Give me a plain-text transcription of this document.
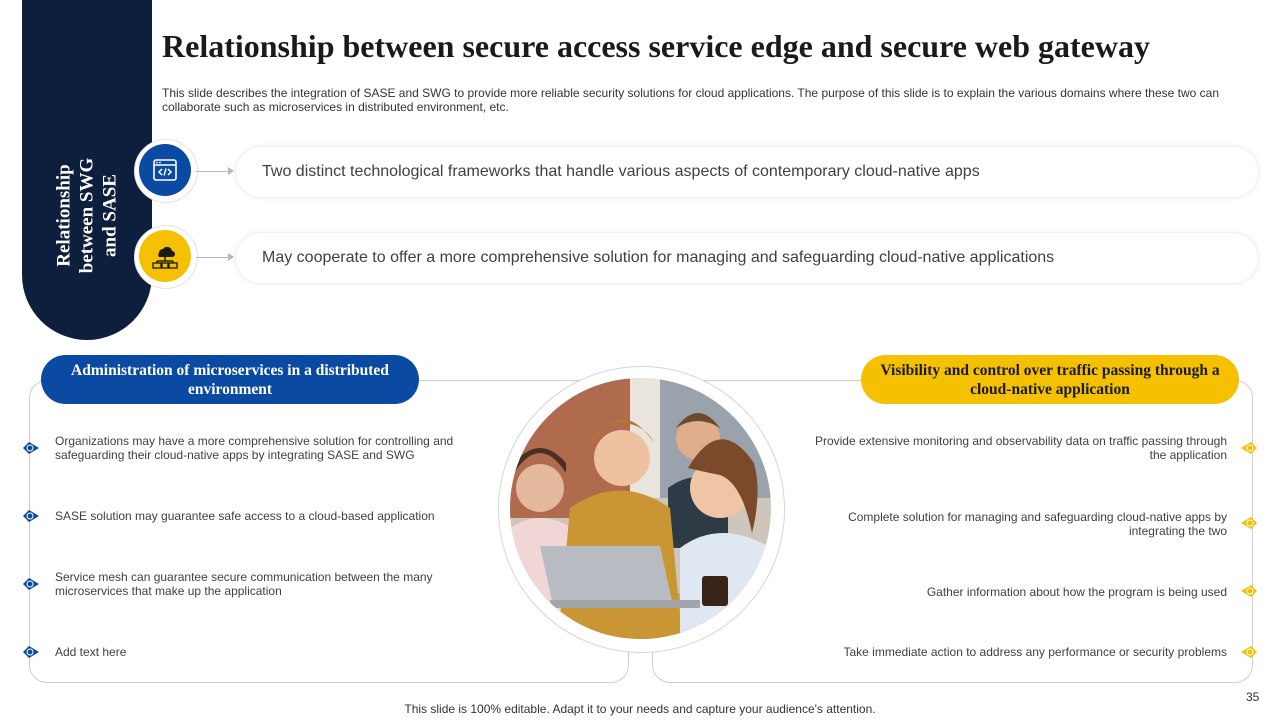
Relationship
between SWG
and SASE
Relationship between secure access service edge and secure web gateway
This slide describes the integration of SASE and SWG to provide more reliable security solutions for cloud applications. The purpose of this slide is to explain the various domains where these two can collaborate such as microservices in distributed environment, etc.
Two distinct technological frameworks that handle various aspects of contemporary cloud-native apps
May cooperate to offer a more comprehensive solution for managing and safeguarding cloud-native applications
Administration of microservices in a distributed environment
Organizations may have a more comprehensive solution for controlling and safeguarding their cloud-native apps by integrating SASE and SWG
SASE solution may guarantee safe access to a cloud-based application
Service mesh can guarantee secure communication between the many microservices that make up the application
Add text here
Visibility and control over traffic passing through a cloud-native application
Provide extensive monitoring and observability data on traffic passing through the application
Complete solution for managing and safeguarding cloud-native apps by integrating the two
Gather information about how the program is being used
Take immediate action to address any performance or security problems
This slide is 100% editable. Adapt it to your needs and capture your audience's attention.
35
